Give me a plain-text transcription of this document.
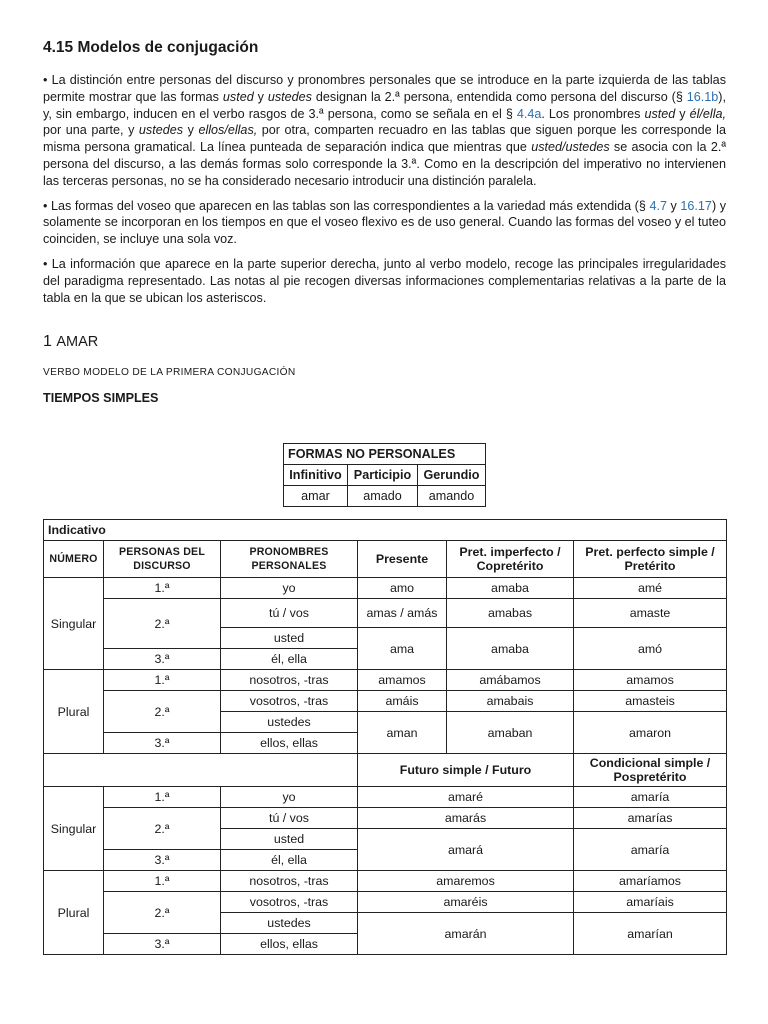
4.15 Modelos de conjugación

• La distinción entre personas del discurso y pronombres personales que se introduce en la parte izquierda de las tablas permite mostrar que las formas usted y ustedes designan la 2.ª persona, entendida como persona del discurso (§ 16.1b), y, sin embargo, inducen en el verbo rasgos de 3.ª persona, como se señala en el § 4.4a. Los pronombres usted y él/ella, por una parte, y ustedes y ellos/ellas, por otra, comparten recuadro en las tablas que siguen porque les corresponde la misma persona gramatical. La línea punteada de separación indica que mientras que usted/ustedes se asocia con la 2.ª persona del discurso, a las demás formas solo corresponde la 3.ª. Como en la descripción del imperativo no intervienen las terceras personas, no se ha considerado necesario introducir una distinción paralela.

• Las formas del voseo que aparecen en las tablas son las correspondientes a la variedad más extendida (§ 4.7 y 16.17) y solamente se incorporan en los tiempos en que el voseo flexivo es de uso general. Cuando las formas del voseo y el tuteo coinciden, se incluye una sola voz.

• La información que aparece en la parte superior derecha, junto al verbo modelo, recoge las principales irregularidades del paradigma representado. Las notas al pie recogen diversas informaciones complementarias relativas a la parte de la tabla en la que se ubican los asteriscos.

1 AMAR
VERBO MODELO DE LA PRIMERA CONJUGACIÓN
TIEMPOS SIMPLES
FORMAS NO PERSONALES		
Infinitivo	Participio	Gerundio
amar	amado	amando
Indicativo					
NÚMERO	PERSONAS DEL DISCURSO	PRONOMBRES PERSONALES	Presente	Pret. imperfecto / Copretérito	Pret. perfecto simple / Pretérito
Singular	1.ª	yo	amo	amaba	amé
	2.ª	tú / vos	amas / amás	amabas	amaste
		usted	ama	amaba	amó
	3.ª	él, ella			
Plural	1.ª	nosotros, -tras	amamos	amábamos	amamos
	2.ª	vosotros, -tras	amáis	amabais	amasteis
		ustedes	aman	amaban	amaron
	3.ª	ellos, ellas			
			Futuro simple / Futuro		Condicional simple / Pospretérito
Singular	1.ª	yo	amaré		amaría
	2.ª	tú / vos	amarás		amarías
		usted	amará		amaría
	3.ª	él, ella			
Plural	1.ª	nosotros, -tras	amaremos		amaríamos
	2.ª	vosotros, -tras	amaréis		amaríais
		ustedes	amarán		amarían
	3.ª	ellos, ellas			
